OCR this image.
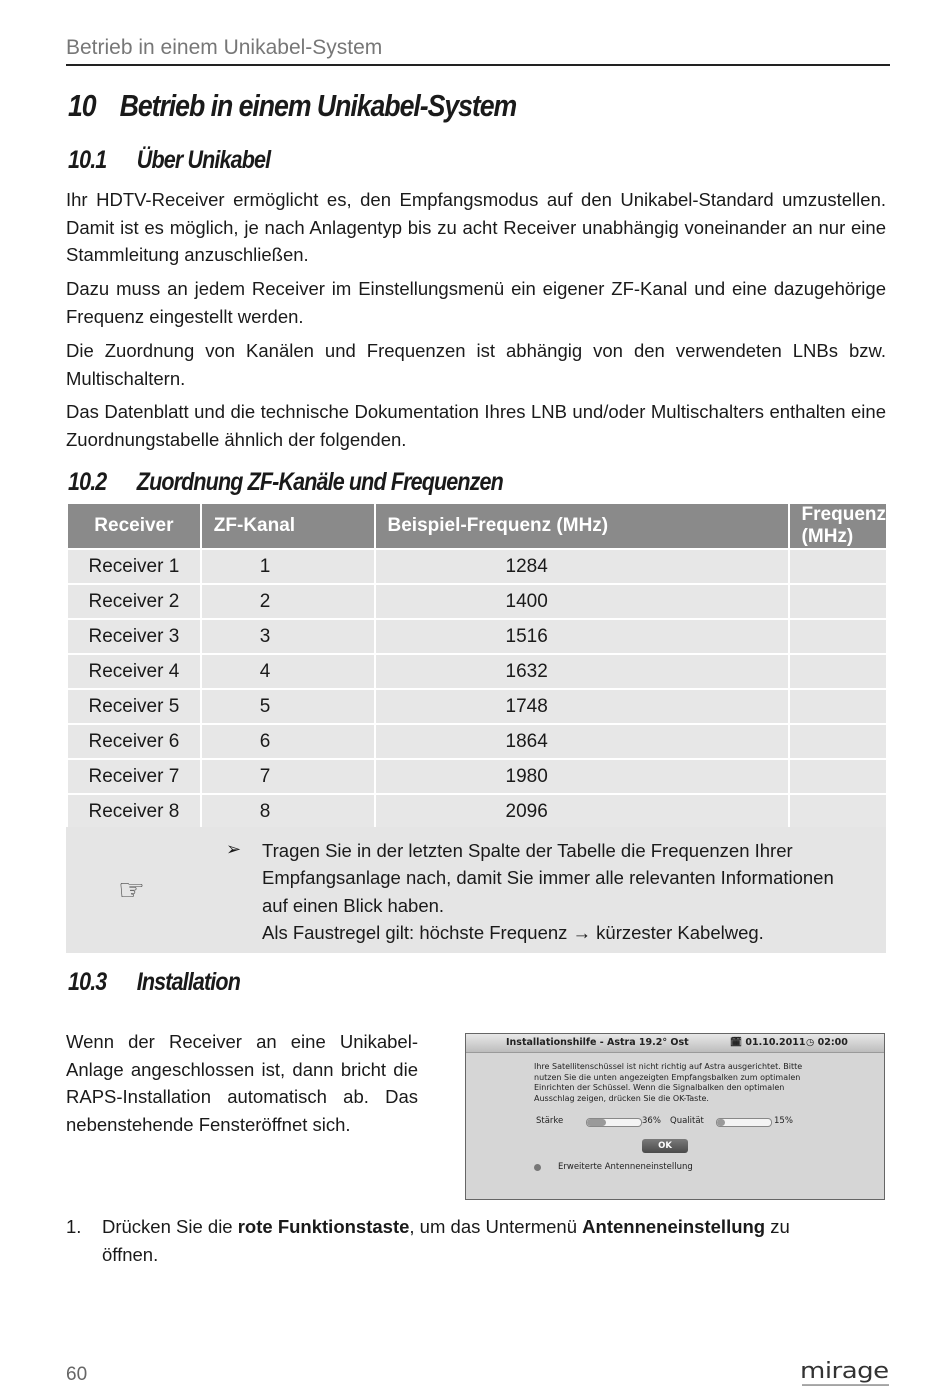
Betrieb in einem Unikabel-System
10 Betrieb in einem Unikabel-System
10.1 Über Unikabel

Ihr HDTV-Receiver ermöglicht es, den Empfangsmodus auf den Unikabel-Standard umzustellen. Damit ist es möglich, je nach Anlagentyp bis zu acht Receiver unabhängig voneinander an nur eine Stammleitung anzuschließen.

Dazu muss an jedem Receiver im Einstellungsmenü ein eigener ZF-Kanal und eine dazugehörige Frequenz eingestellt werden.

Die Zuordnung von Kanälen und Frequenzen ist abhängig von den verwendeten LNBs bzw. Multischaltern.

Das Datenblatt und die technische Dokumentation Ihres LNB und/oder Multischalters enthalten eine Zuordnungstabelle ähnlich der folgenden.

10.2 Zuordnung ZF-Kanäle und Frequenzen
Receiver	ZF-Kanal	Beispiel-Frequenz (MHz)	Frequenz (MHz)
Receiver 1	1	1284	
Receiver 2	2	1400	
Receiver 3	3	1516	
Receiver 4	4	1632	
Receiver 5	5	1748	
Receiver 6	6	1864	
Receiver 7	7	1980	
Receiver 8	8	2096	
☞
➢ Tragen Sie in der letzten Spalte der Tabelle die Frequenzen Ihrer
Empfangsanlage nach, damit Sie immer alle relevanten Informationen
auf einen Blick haben.
Als Faustregel gilt: höchste Frequenz → kürzester Kabelweg.

10.3 Installation

Wenn der Receiver an eine Unikabel-Anlage angeschlossen ist, dann bricht die RAPS-Installation automatisch ab. Das nebenstehende Fensteröffnet sich.

Installationshilfe - Astra 19.2° Ost	🗓 01.10.2011 ◷ 02:00

Ihre Satellitenschüssel ist nicht richtig auf Astra ausgerichtet. Bitte nutzen Sie die unten angezeigten Empfangsbalken zum optimalen Einrichten der Schüssel. Wenn die Signalbalken den optimalen Ausschlag zeigen, drücken Sie die OK-Taste.

Stärke	36% Qualität	15%
OK
Erweiterte Antenneneinstellung

1. Drücken Sie die rote Funktionstaste, um das Untermenü Antenneneinstellung zu
öffnen.

60	mirage
